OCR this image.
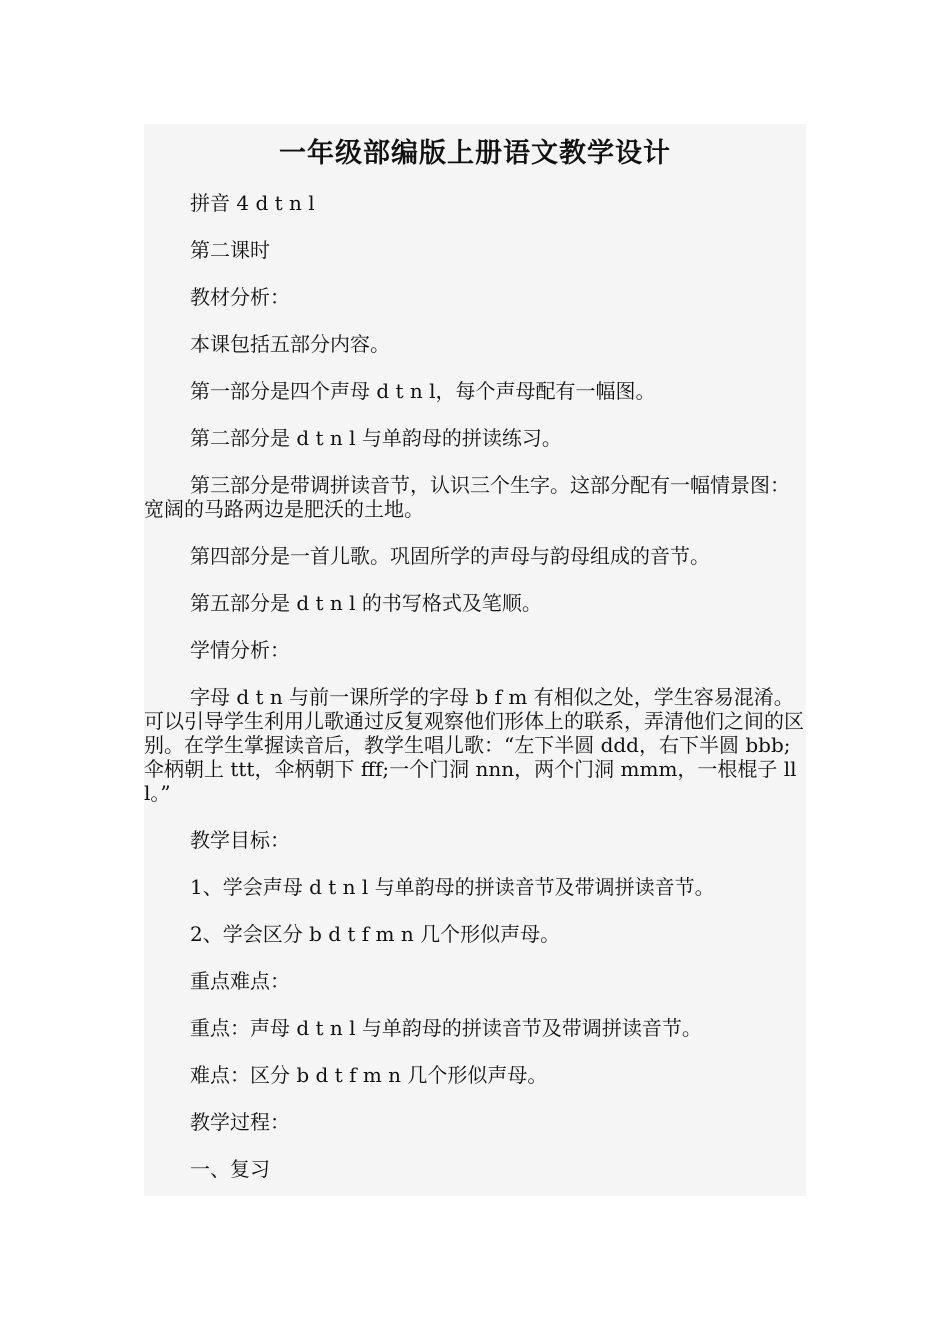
一年级部编版上册语文教学设计

拼音 4 d t n l

第二课时

教材分析：

本课包括五部分内容。

第一部分是四个声母 d t n l，每个声母配有一幅图。

第二部分是 d t n l 与单韵母的拼读练习。

第三部分是带调拼读音节，认识三个生字。这部分配有一幅情景图：宽阔的马路两边是肥沃的土地。

第四部分是一首儿歌。巩固所学的声母与韵母组成的音节。

第五部分是 d t n l 的书写格式及笔顺。

学情分析：

字母 d t n 与前一课所学的字母 b f m 有相似之处，学生容易混淆。可以引导学生利用儿歌通过反复观察他们形体上的联系，弄清他们之间的区别。在学生掌握读音后，教学生唱儿歌：“左下半圆 ddd，右下半圆 bbb;伞柄朝上 ttt，伞柄朝下 fff;一个门洞 nnn，两个门洞 mmm，一根棍子 lll。”

教学目标：

1、学会声母 d t n l 与单韵母的拼读音节及带调拼读音节。

2、学会区分 b d t f m n 几个形似声母。

重点难点：

重点：声母 d t n l 与单韵母的拼读音节及带调拼读音节。

难点：区分 b d t f m n 几个形似声母。

教学过程：

一、复习
